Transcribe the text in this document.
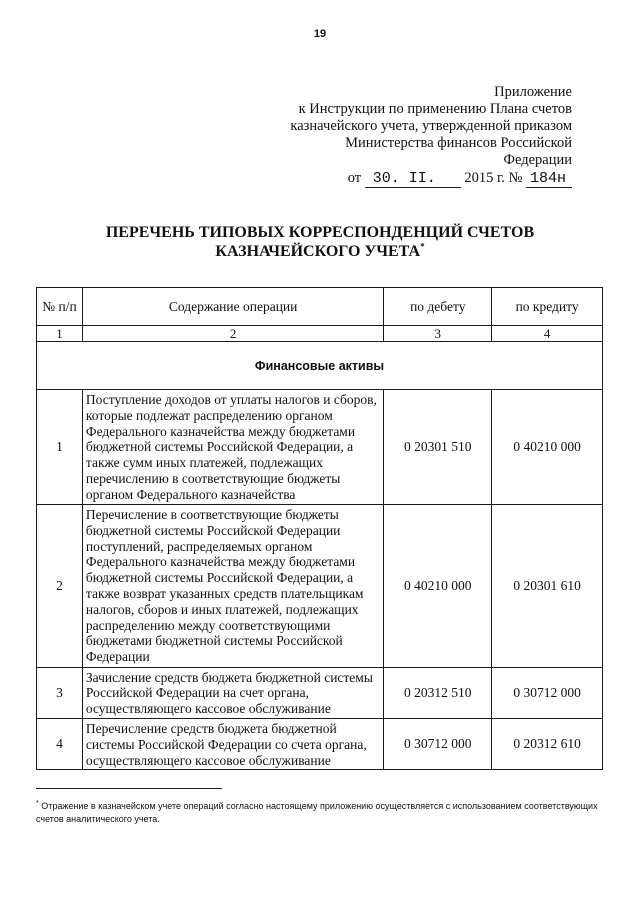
19
Приложение
к Инструкции по применению Плана счетов
казначейского учета, утвержденной приказом
Министерства финансов Российской
Федерации
от 30. II. 2015 г. № 184н
ПЕРЕЧЕНЬ ТИПОВЫХ КОРРЕСПОНДЕНЦИЙ СЧЕТОВ
КАЗНАЧЕЙСКОГО УЧЕТА*
№ п/п	Содержание операции	по дебету	по кредиту
1	2	3	4
Финансовые активы			
1	Поступление доходов от уплаты налогов и сборов, которые подлежат распределению органом Федерального казначейства между бюджетами бюджетной системы Российской Федерации, а также сумм иных платежей, подлежащих перечислению в соответствующие бюджеты органом Федерального казначейства	0 20301 510	0 40210 000
2	Перечисление в соответствующие бюджеты бюджетной системы Российской Федерации поступлений, распределяемых органом Федерального казначейства между бюджетами бюджетной системы Российской Федерации, а также возврат указанных средств плательщикам налогов, сборов и иных платежей, подлежащих распределению между соответствующими бюджетами бюджетной системы Российской Федерации	0 40210 000	0 20301 610
3	Зачисление средств бюджета бюджетной системы Российской Федерации на счет органа, осуществляющего кассовое обслуживание	0 20312 510	0 30712 000
4	Перечисление средств бюджета бюджетной системы Российской Федерации со счета органа, осуществляющего кассовое обслуживание	0 30712 000	0 20312 610
* Отражение в казначейском учете операций согласно настоящему приложению осуществляется с использованием соответствующих счетов аналитического учета.
